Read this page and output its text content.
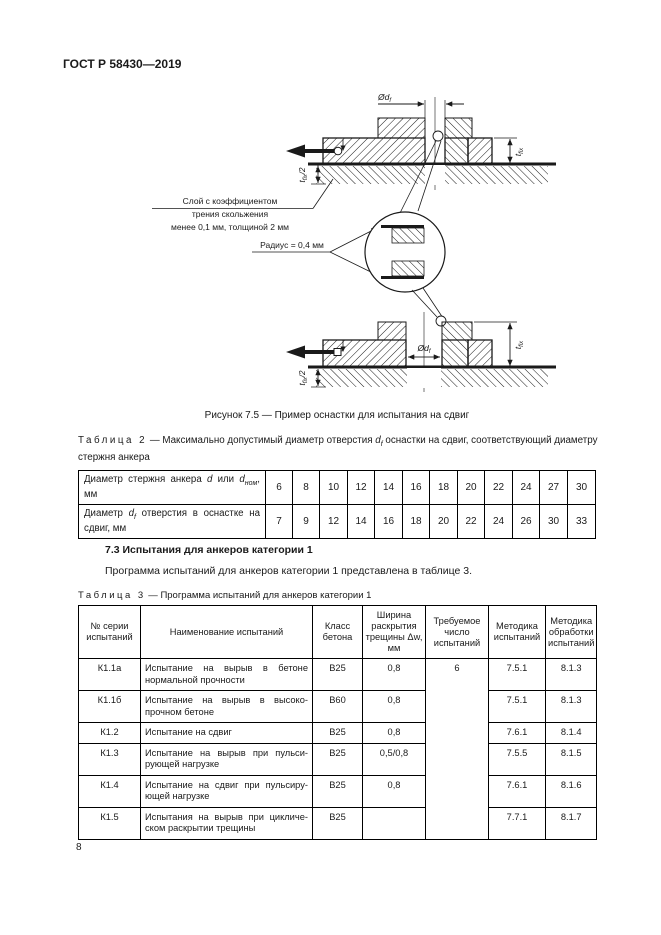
ГОСТ Р 58430—2019
$Ød_f$
$t_{fix}$
$t_{fix}/2$
Слой с коэффициентом
трения скольжения
менее 0,1 мм, толщиной 2 мм
Радиус = 0,4 мм
$Ød_f$
$t_{fix}$
$t_{fix}/2$
Рисунок 7.5 — Пример оснастки для испытания на сдвиг
Таблица 2 — Максимально допустимый диаметр отверстия $d_f$ оснастки на сдвиг, соответствующий диаметру стержня анкера
Диаметр стержня анкера d или $d_{ном}$, мм	6	8	10	12	14	16	18	20	22	24	27	30
Диаметр $d_f$ отверстия в оснастке на сдвиг, мм	7	9	12	14	16	18	20	22	24	26	30	33
7.3 Испытания для анкеров категории 1
Программа испытаний для анкеров категории 1 представлена в таблице 3.
Таблица 3 — Программа испытаний для анкеров категории 1
№ серии испытаний	Наименование испытаний	Класс бетона	Ширина раскрытия трещины Δw, мм	Требуемое число испытаний	Методика испытаний	Методика обработки испытаний
К1.1а	Испытание на вырыв в бетоне нормальной прочности	В25	0,8	6	7.5.1	8.1.3
К1.1б	Испытание на вырыв в высоко-прочном бетоне	В60	0,8		7.5.1	8.1.3
К1.2	Испытание на сдвиг	В25	0,8		7.6.1	8.1.4
К1.3	Испытание на вырыв при пульси-рующей нагрузке	В25	0,5/0,8		7.5.5	8.1.5
К1.4	Испытание на сдвиг при пульсиру-ющей нагрузке	В25	0,8		7.6.1	8.1.6
К1.5	Испытания на вырыв при цикличе-ском раскрытии трещины	В25			7.7.1	8.1.7
8
